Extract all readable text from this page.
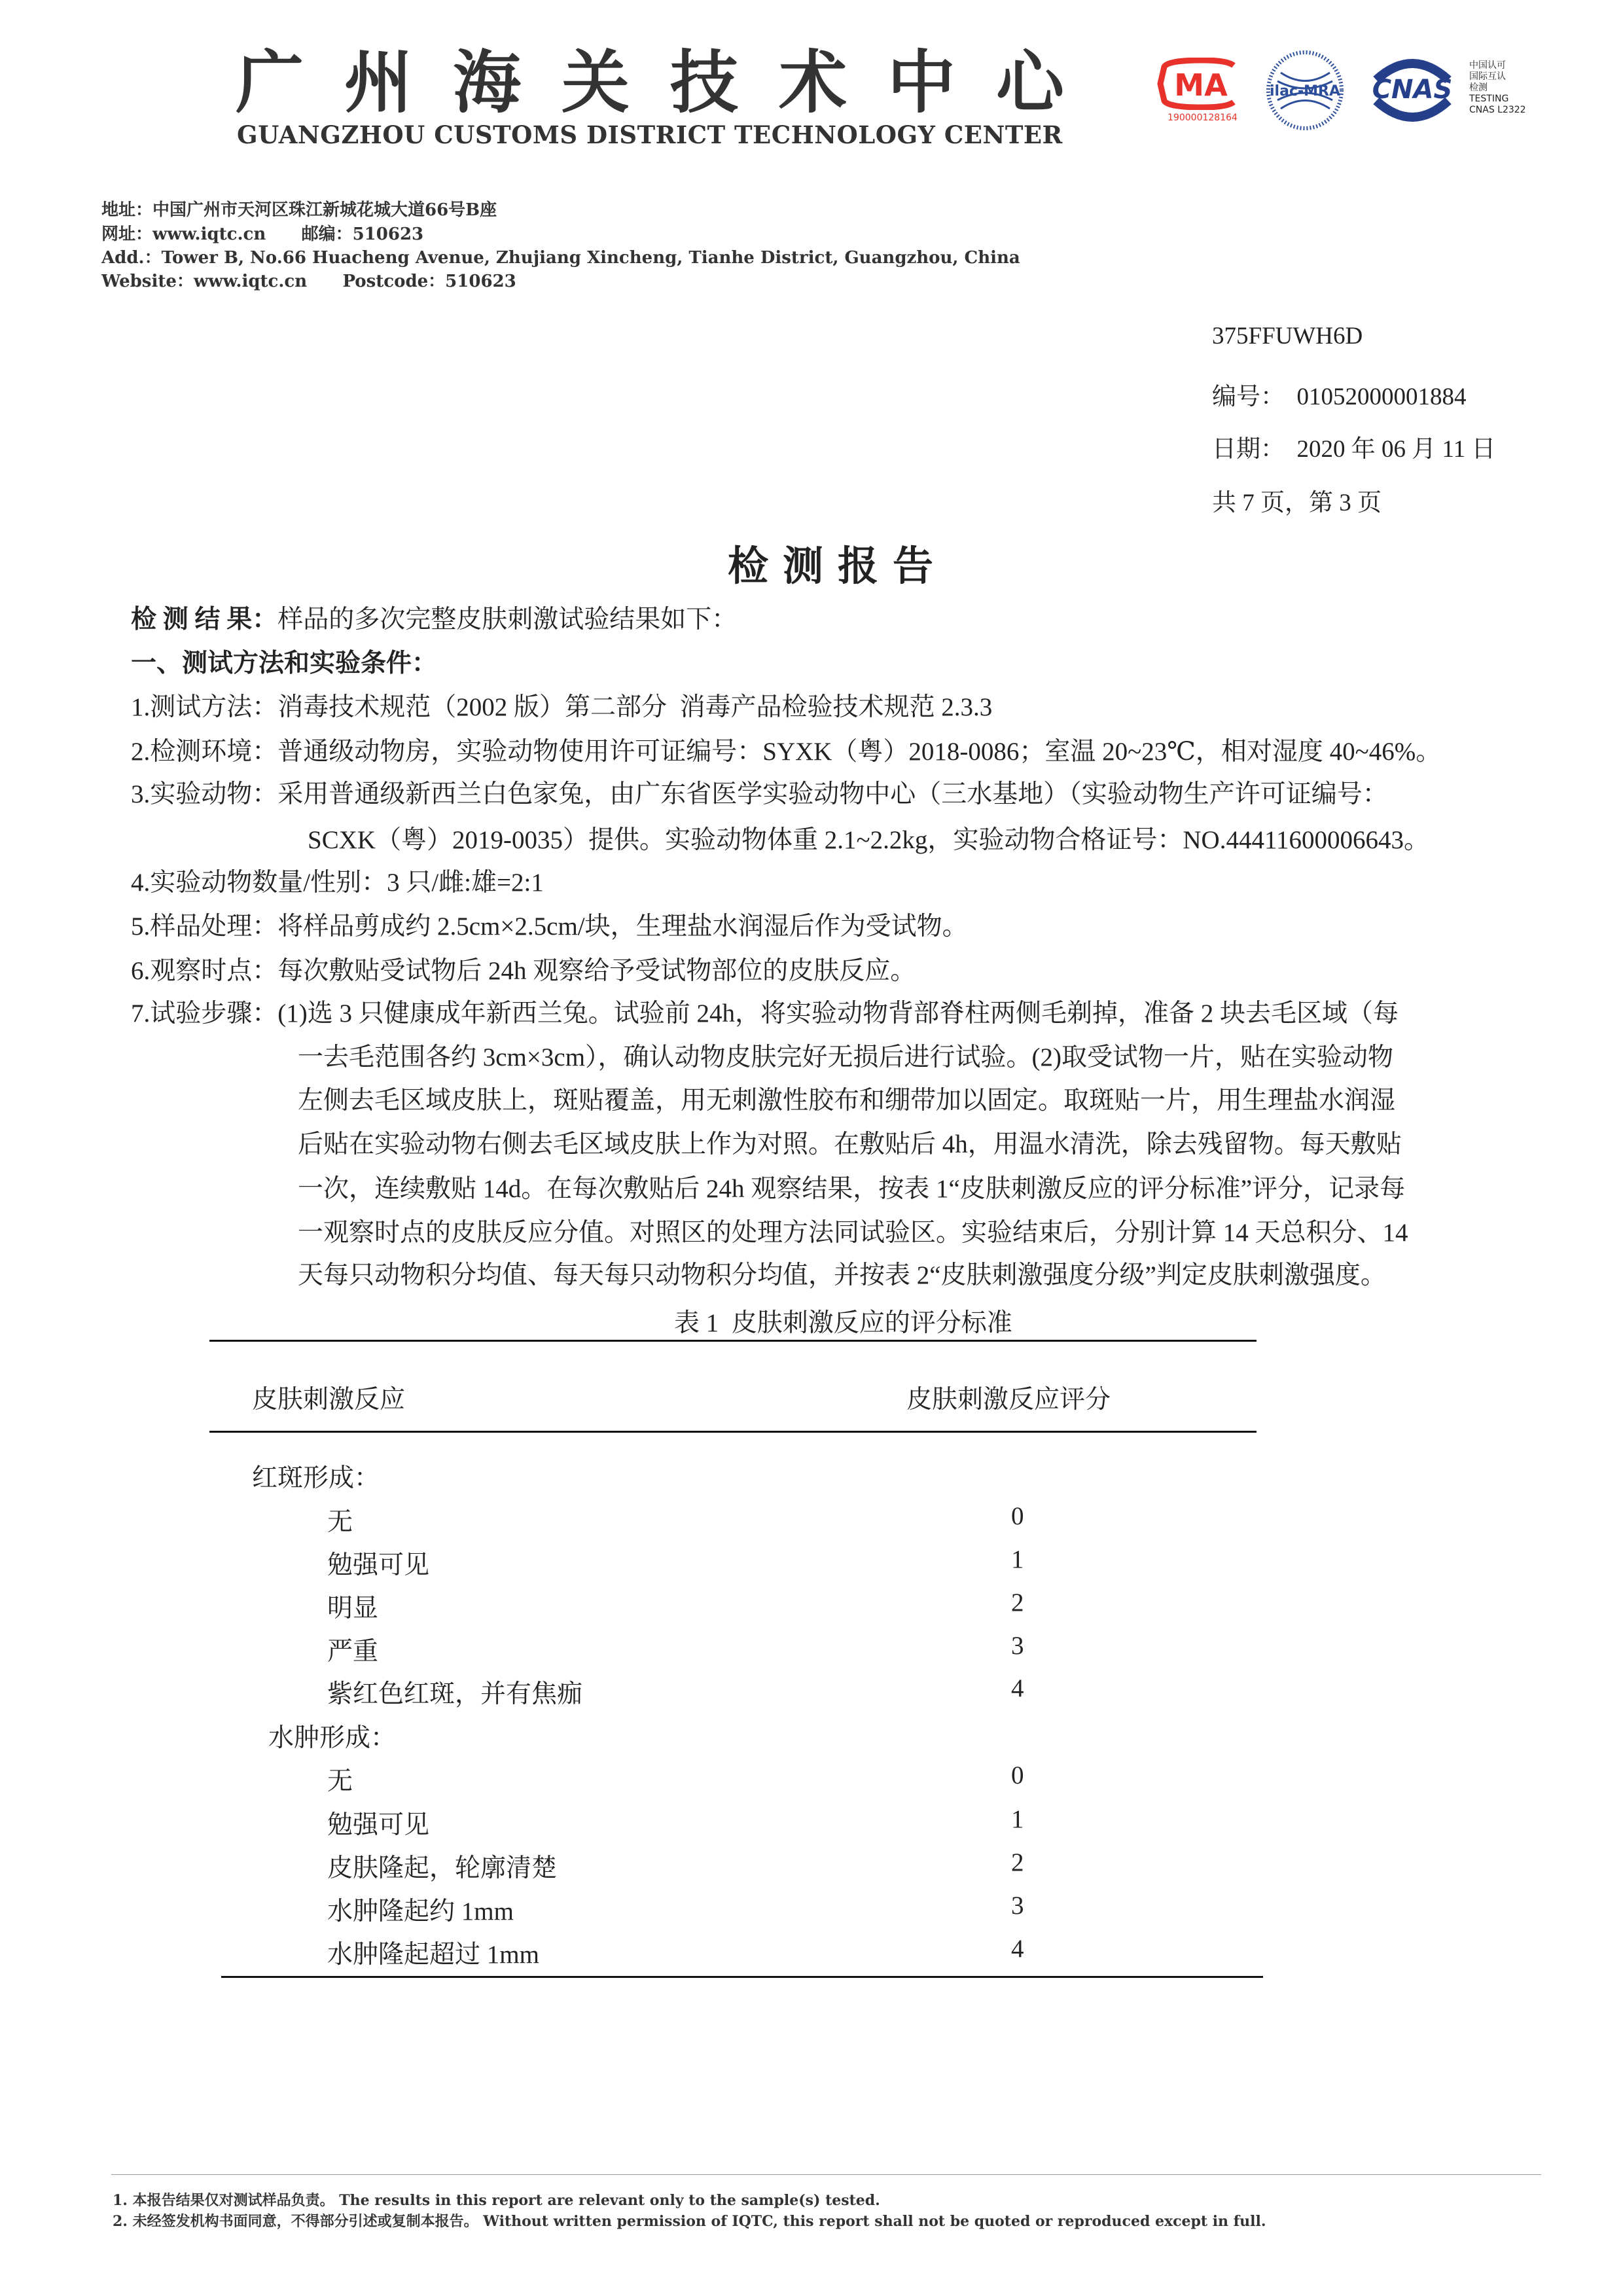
广州海关技术中心
GUANGZHOU CUSTOMS DISTRICT TECHNOLOGY CENTER
MA
190000128164
ilac-MRA CNAS
中国认可
国际互认
检测
TESTING
CNAS L2322
地址：中国广州市天河区珠江新城花城大道66号B座
网址：www.iqtc.cn      邮编：510623
Add.：Tower B, No.66 Huacheng Avenue, Zhujiang Xincheng, Tianhe District, Guangzhou, China
Website：www.iqtc.cn      Postcode：510623
375FFUWH6D
编号：  01052000001884
日期：  2020 年 06 月 11 日
共 7 页，第 3 页
检测报告
检 测 结 果：样品的多次完整皮肤刺激试验结果如下：
一、测试方法和实验条件：
1.测试方法：消毒技术规范（2002 版）第二部分  消毒产品检验技术规范 2.3.3
2.检测环境：普通级动物房，实验动物使用许可证编号：SYXK（粤）2018-0086；室温 20~23℃，相对湿度 40~46%。
3.实验动物：采用普通级新西兰白色家兔，由广东省医学实验动物中心（三水基地）（实验动物生产许可证编号：
SCXK（粤）2019-0035）提供。实验动物体重 2.1~2.2kg，实验动物合格证号：NO.44411600006643。
4.实验动物数量/性别：3 只/雌:雄=2:1
5.样品处理：将样品剪成约 2.5cm×2.5cm/块，生理盐水润湿后作为受试物。
6.观察时点：每次敷贴受试物后 24h 观察给予受试物部位的皮肤反应。
7.试验步骤：(1)选 3 只健康成年新西兰兔。试验前 24h，将实验动物背部脊柱两侧毛剃掉，准备 2 块去毛区域（每
一去毛范围各约 3cm×3cm），确认动物皮肤完好无损后进行试验。(2)取受试物一片，贴在实验动物
左侧去毛区域皮肤上，斑贴覆盖，用无刺激性胶布和绷带加以固定。取斑贴一片，用生理盐水润湿
后贴在实验动物右侧去毛区域皮肤上作为对照。在敷贴后 4h，用温水清洗，除去残留物。每天敷贴
一次，连续敷贴 14d。在每次敷贴后 24h 观察结果，按表 1“皮肤刺激反应的评分标准”评分，记录每
一观察时点的皮肤反应分值。对照区的处理方法同试验区。实验结束后，分别计算 14 天总积分、14
天每只动物积分均值、每天每只动物积分均值，并按表 2“皮肤刺激强度分级”判定皮肤刺激强度。
表 1  皮肤刺激反应的评分标准
皮肤刺激反应	皮肤刺激反应评分
红斑形成：
无	0
勉强可见	1
明显	2
严重	3
紫红色红斑，并有焦痂	4
水肿形成：
无	0
勉强可见	1
皮肤隆起，轮廓清楚	2
水肿隆起约 1mm	3
水肿隆起超过 1mm	4
1. 本报告结果仅对测试样品负责。 The results in this report are relevant only to the sample(s) tested.
2. 未经签发机构书面同意，不得部分引述或复制本报告。 Without written permission of IQTC, this report shall not be quoted or reproduced except in full.
